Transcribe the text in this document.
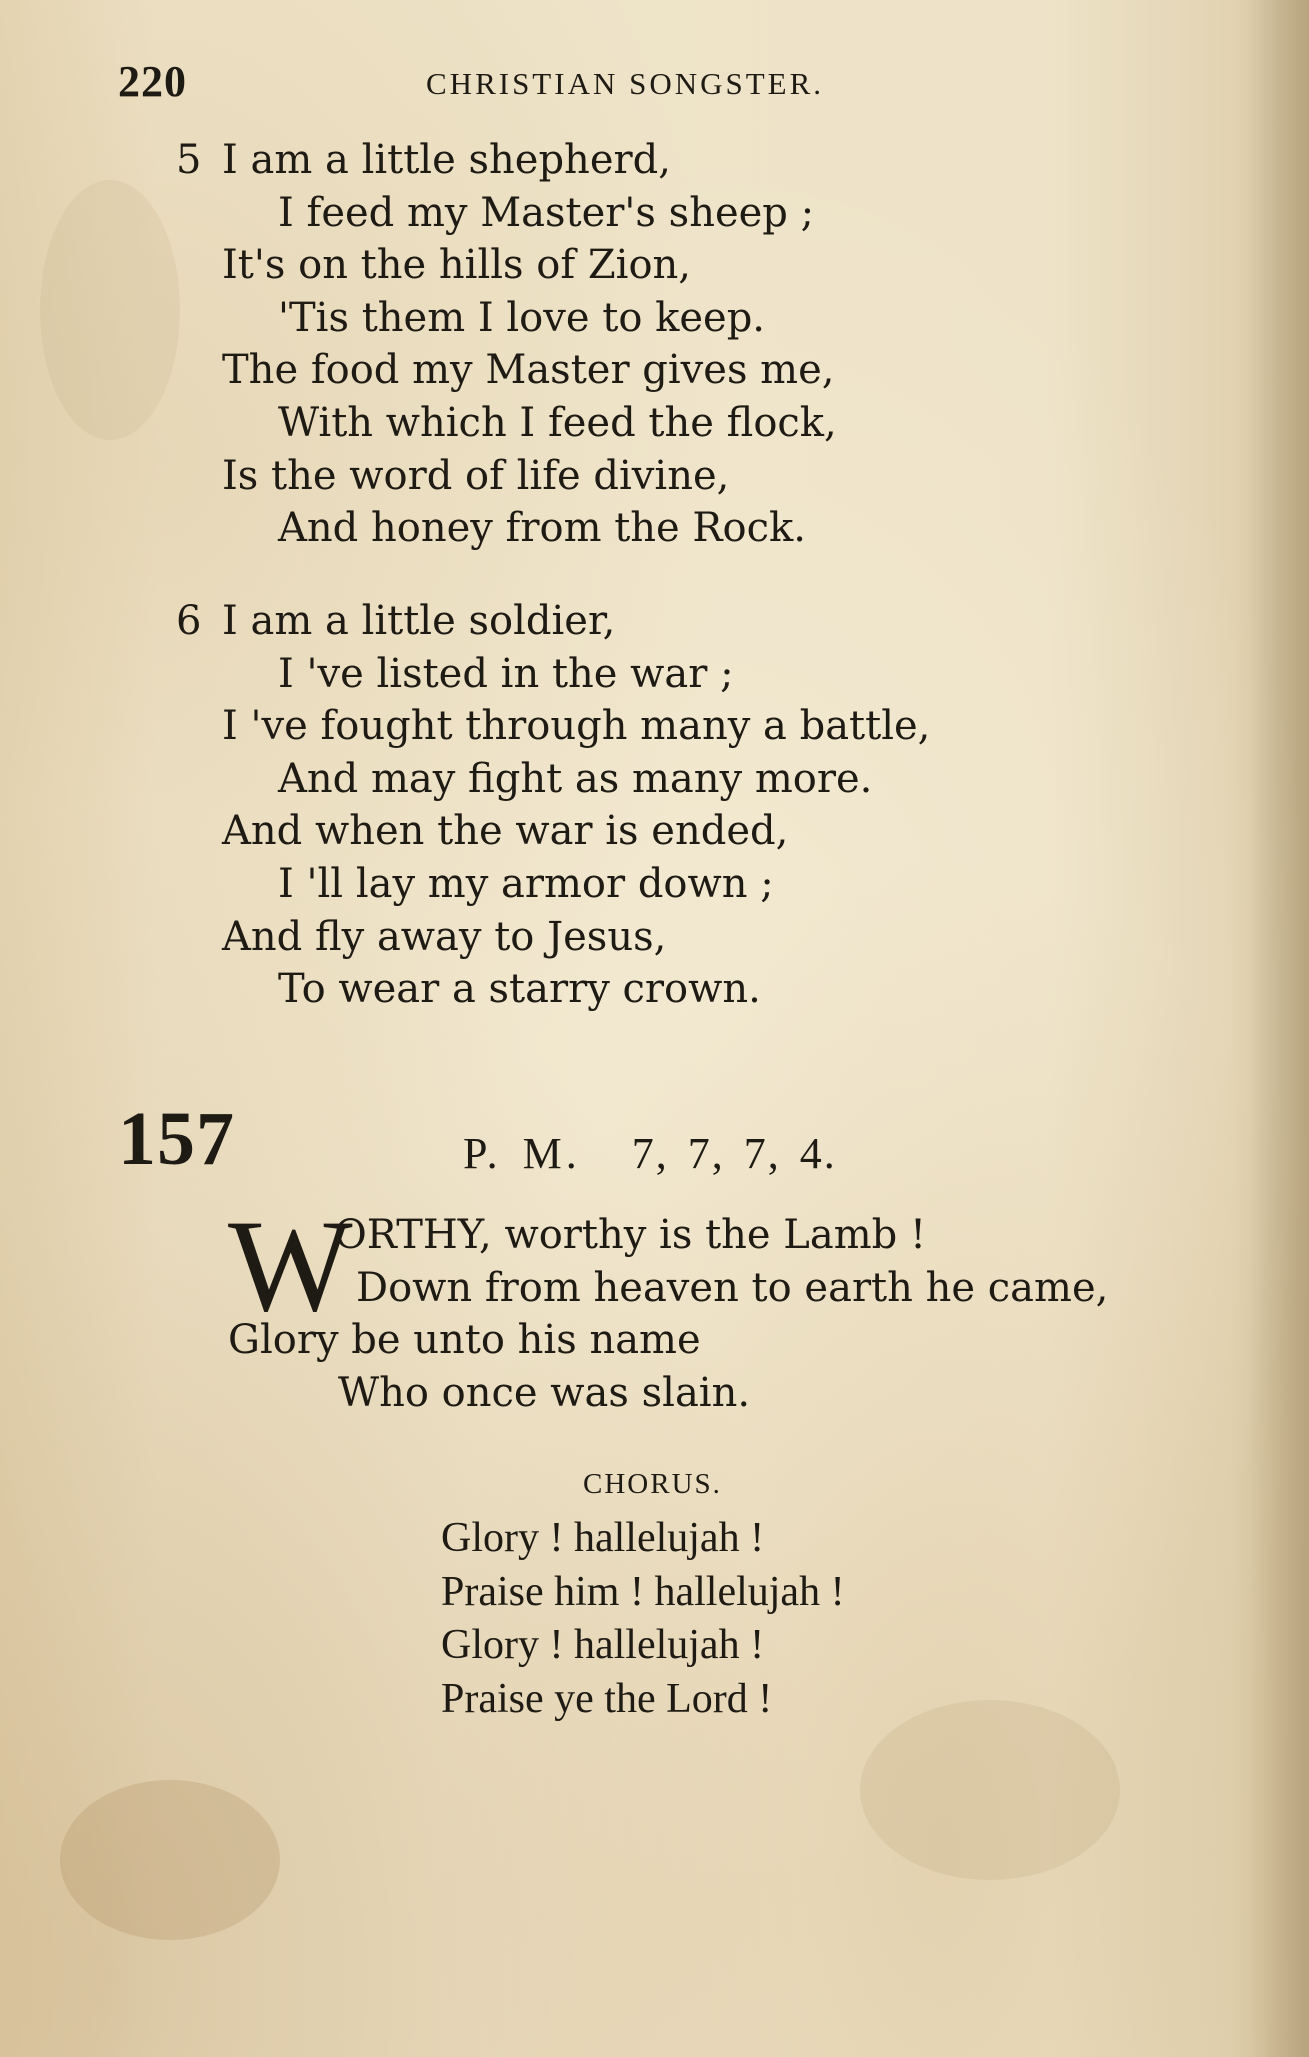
220	CHRISTIAN SONGSTER.
5 I am a little shepherd,
I feed my Master's sheep ;
It's on the hills of Zion,
'Tis them I love to keep.
The food my Master gives me,
With which I feed the flock,
Is the word of life divine,
And honey from the Rock.
6 I am a little soldier,
I 've listed in the war ;
I 've fought through many a battle,
And may fight as many more.
And when the war is ended,
I 'll lay my armor down ;
And fly away to Jesus,
To wear a starry crown.
157	P. M. 7, 7, 7, 4.
W
ORTHY, worthy is the Lamb !
Down from heaven to earth he came,
Glory be unto his name
Who once was slain.
CHORUS.
Glory ! hallelujah !
Praise him ! hallelujah !
Glory ! hallelujah !
Praise ye the Lord !
